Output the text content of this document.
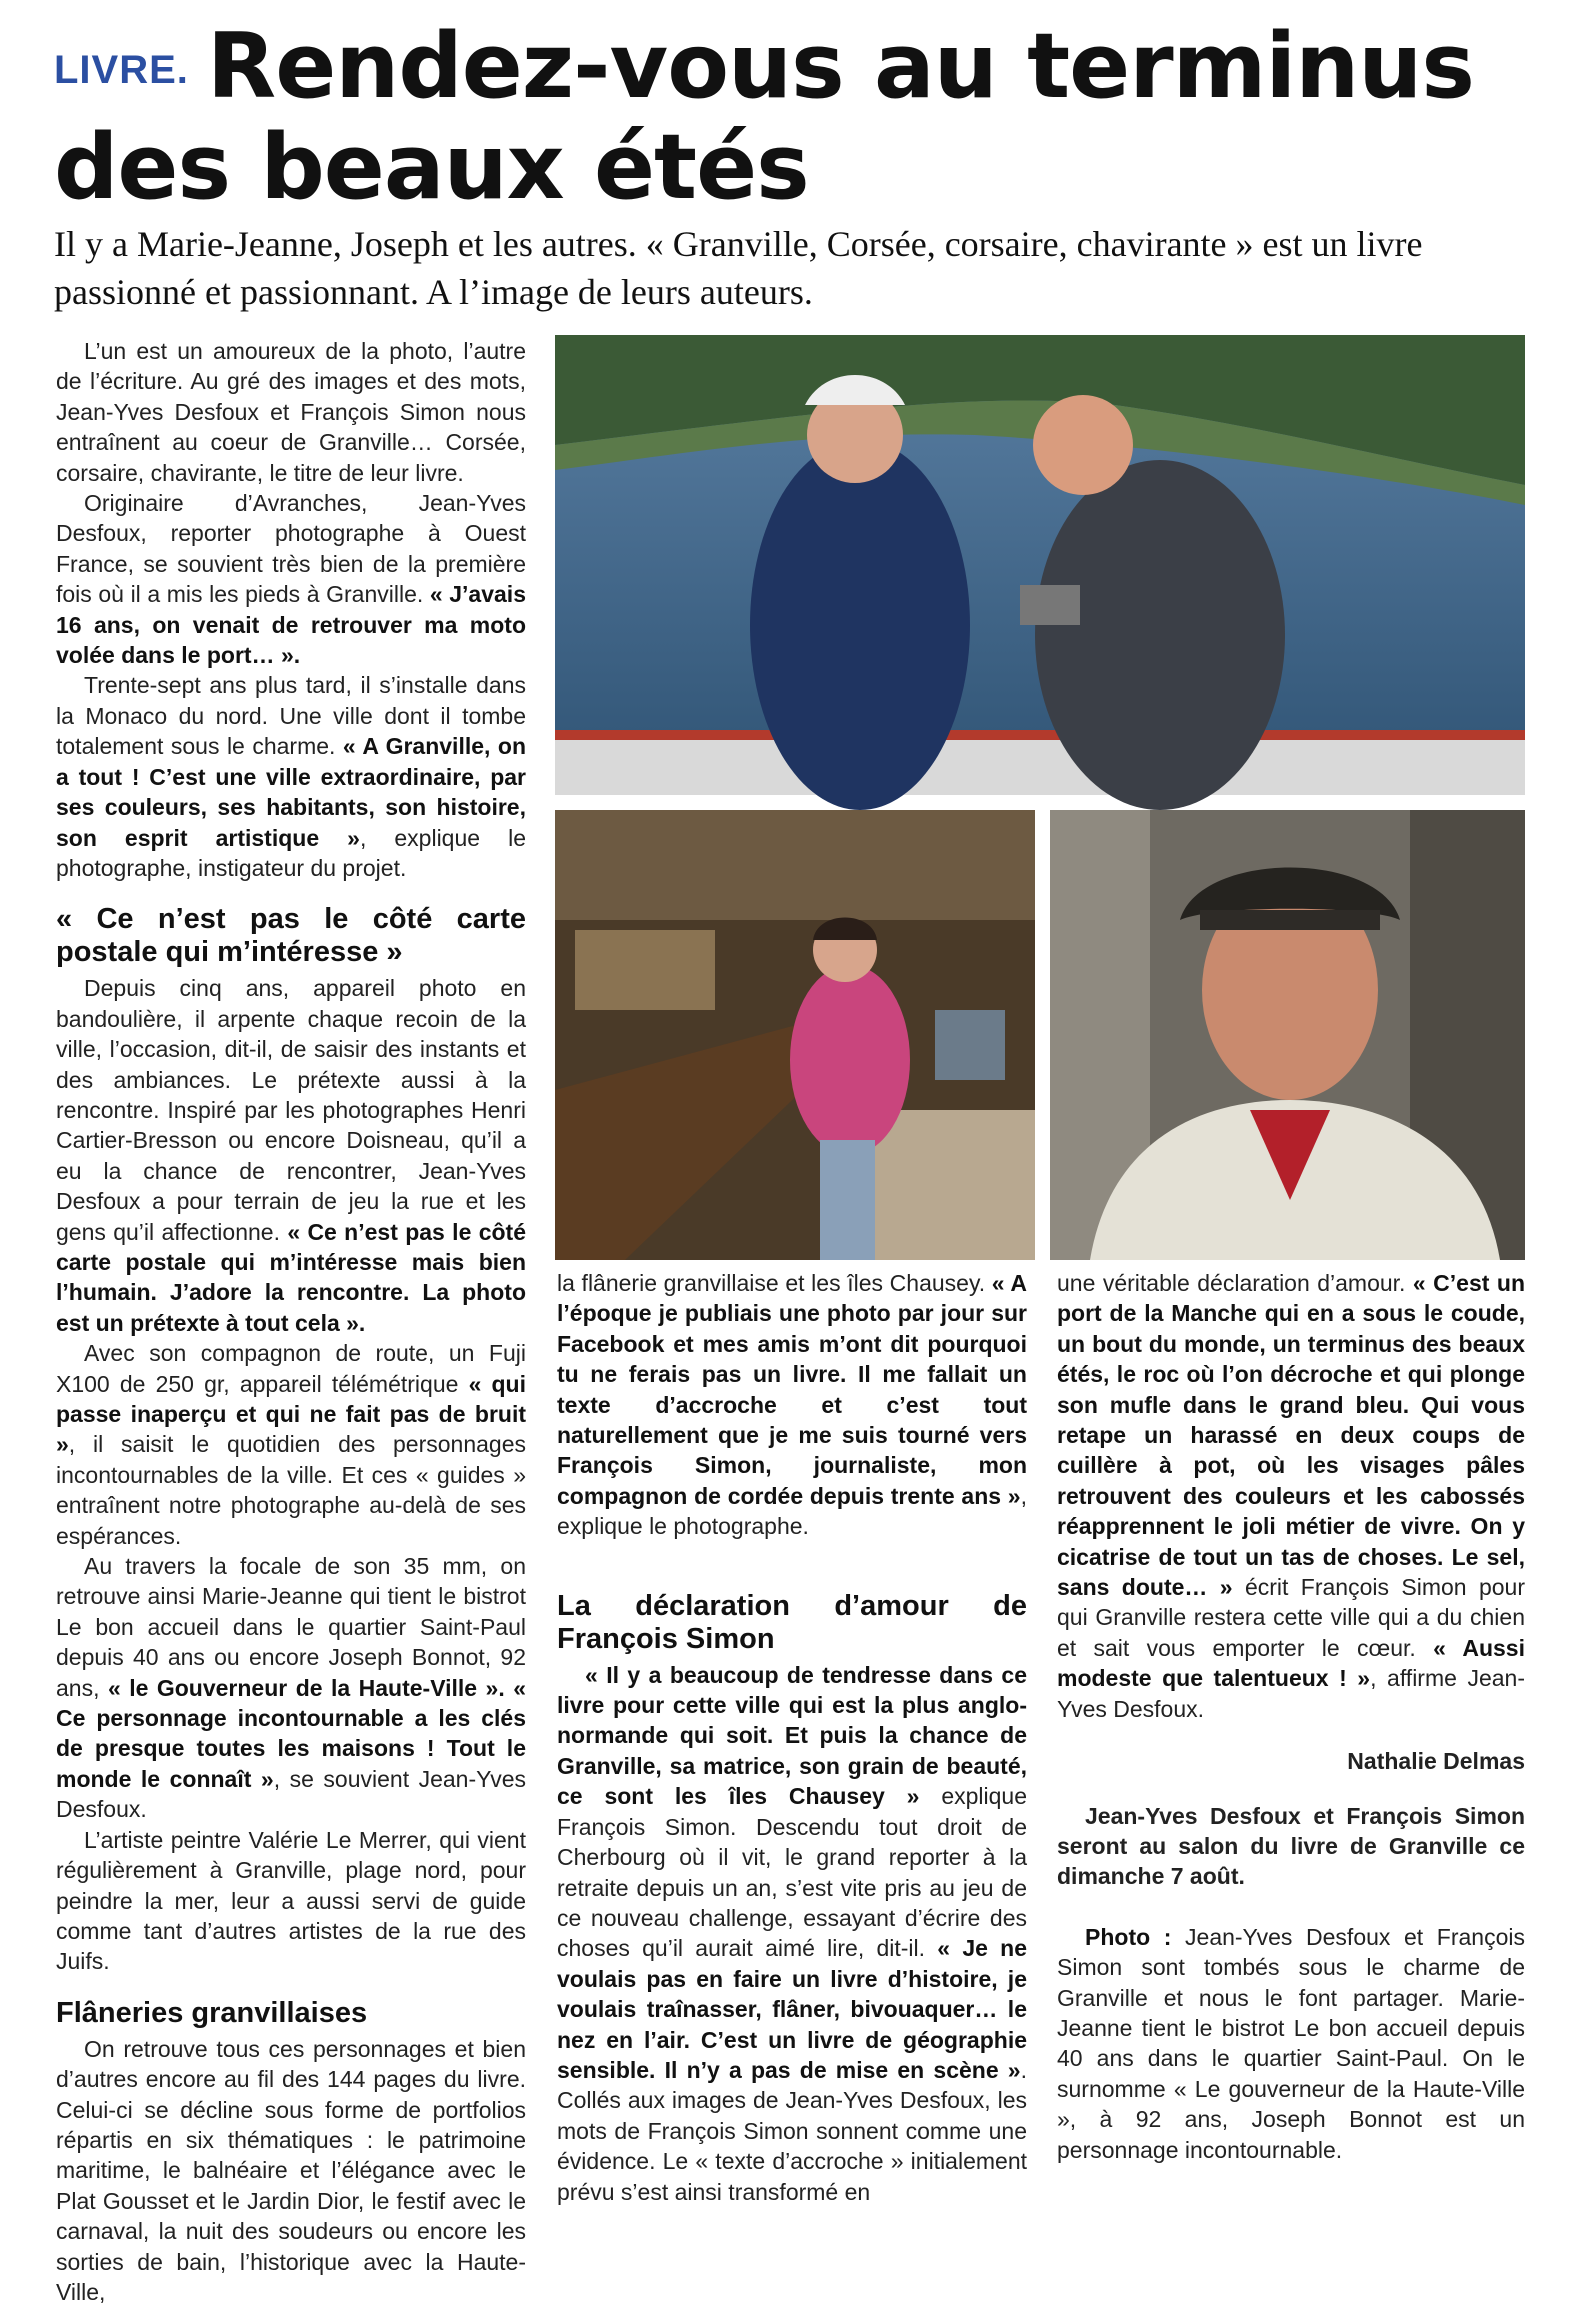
LIVRE. Rendez-vous au terminus des beaux étés
Il y a Marie-Jeanne, Joseph et les autres. « Granville, Corsée, corsaire, chavirante » est un livre passionné et passionnant. A l’image de leurs auteurs.

L’un est un amoureux de la photo, l’autre de l’écriture. Au gré des images et des mots, Jean-Yves Desfoux et François Simon nous entraînent au coeur de Granville… Corsée, corsaire, chavirante, le titre de leur livre.

Originaire d’Avranches, Jean-Yves Desfoux, reporter photographe à Ouest France, se souvient très bien de la première fois où il a mis les pieds à Granville. « J’avais 16 ans, on venait de retrouver ma moto volée dans le port… ».

Trente-sept ans plus tard, il s’installe dans la Monaco du nord. Une ville dont il tombe totalement sous le charme. « A Granville, on a tout ! C’est une ville extraordinaire, par ses couleurs, ses habitants, son histoire, son esprit artistique », explique le photographe, instigateur du projet.

« Ce n’est pas le côté carte postale qui m’intéresse »

Depuis cinq ans, appareil photo en bandoulière, il arpente chaque recoin de la ville, l’occasion, dit-il, de saisir des instants et des ambiances. Le prétexte aussi à la rencontre. Inspiré par les photographes Henri Cartier-Bresson ou encore Doisneau, qu’il a eu la chance de rencontrer, Jean-Yves Desfoux a pour terrain de jeu la rue et les gens qu’il affectionne. « Ce n’est pas le côté carte postale qui m’intéresse mais bien l’humain. J’adore la rencontre. La photo est un prétexte à tout cela ».

Avec son compagnon de route, un Fuji X100 de 250 gr, appareil télémétrique « qui passe inaperçu et qui ne fait pas de bruit », il saisit le quotidien des personnages incontournables de la ville. Et ces « guides » entraînent notre photographe au-delà de ses espérances.

Au travers la focale de son 35 mm, on retrouve ainsi Marie-Jeanne qui tient le bistrot Le bon accueil dans le quartier Saint-Paul depuis 40 ans ou encore Joseph Bonnot, 92 ans, « le Gouverneur de la Haute-Ville ». « Ce personnage incontournable a les clés de presque toutes les maisons ! Tout le monde le connaît », se souvient Jean-Yves Desfoux.

L’artiste peintre Valérie Le Merrer, qui vient régulièrement à Granville, plage nord, pour peindre la mer, leur a aussi servi de guide comme tant d’autres artistes de la rue des Juifs.

Flâneries granvillaises

On retrouve tous ces personnages et bien d’autres encore au fil des 144 pages du livre. Celui-ci se décline sous forme de portfolios répartis en six thématiques : le patrimoine maritime, le balnéaire et l’élégance avec le Plat Gousset et le Jardin Dior, le festif avec le carnaval, la nuit des soudeurs ou encore les sorties de bain, l’historique avec la Haute-Ville,

la flânerie granvillaise et les îles Chausey. « A l’époque je publiais une photo par jour sur Facebook et mes amis m’ont dit pourquoi tu ne ferais pas un livre. Il me fallait un texte d’accroche et c’est tout naturellement que je me suis tourné vers François Simon, journaliste, mon compagnon de cordée depuis trente ans », explique le photographe.

La déclaration d’amour de François Simon

« Il y a beaucoup de tendresse dans ce livre pour cette ville qui est la plus anglo-normande qui soit. Et puis la chance de Granville, sa matrice, son grain de beauté, ce sont les îles Chausey » explique François Simon. Descendu tout droit de Cherbourg où il vit, le grand reporter à la retraite depuis un an, s’est vite pris au jeu de ce nouveau challenge, essayant d’écrire des choses qu’il aurait aimé lire, dit-il. « Je ne voulais pas en faire un livre d’histoire, je voulais traînasser, flâner, bivouaquer… le nez en l’air. C’est un livre de géographie sensible. Il n’y a pas de mise en scène ». Collés aux images de Jean-Yves Desfoux, les mots de François Simon sonnent comme une évidence. Le « texte d’accroche » initialement prévu s’est ainsi transformé en

une véritable déclaration d’amour. « C’est un port de la Manche qui en a sous le coude, un bout du monde, un terminus des beaux étés, le roc où l’on décroche et qui plonge son mufle dans le grand bleu. Qui vous retape un harassé en deux coups de cuillère à pot, où les visages pâles retrouvent des couleurs et les cabossés réapprennent le joli métier de vivre. On y cicatrise de tout un tas de choses. Le sel, sans doute… » écrit François Simon pour qui Granville restera cette ville qui a du chien et sait vous emporter le cœur. « Aussi modeste que talentueux ! », affirme Jean-Yves Desfoux.

Nathalie Delmas

Jean-Yves Desfoux et François Simon seront au salon du livre de Granville ce dimanche 7 août.

Photo : Jean-Yves Desfoux et François Simon sont tombés sous le charme de Granville et nous le font partager. Marie-Jeanne tient le bistrot Le bon accueil depuis 40 ans dans le quartier Saint-Paul. On le surnomme « Le gouverneur de la Haute-Ville », à 92 ans, Joseph Bonnot est un personnage incontournable.
